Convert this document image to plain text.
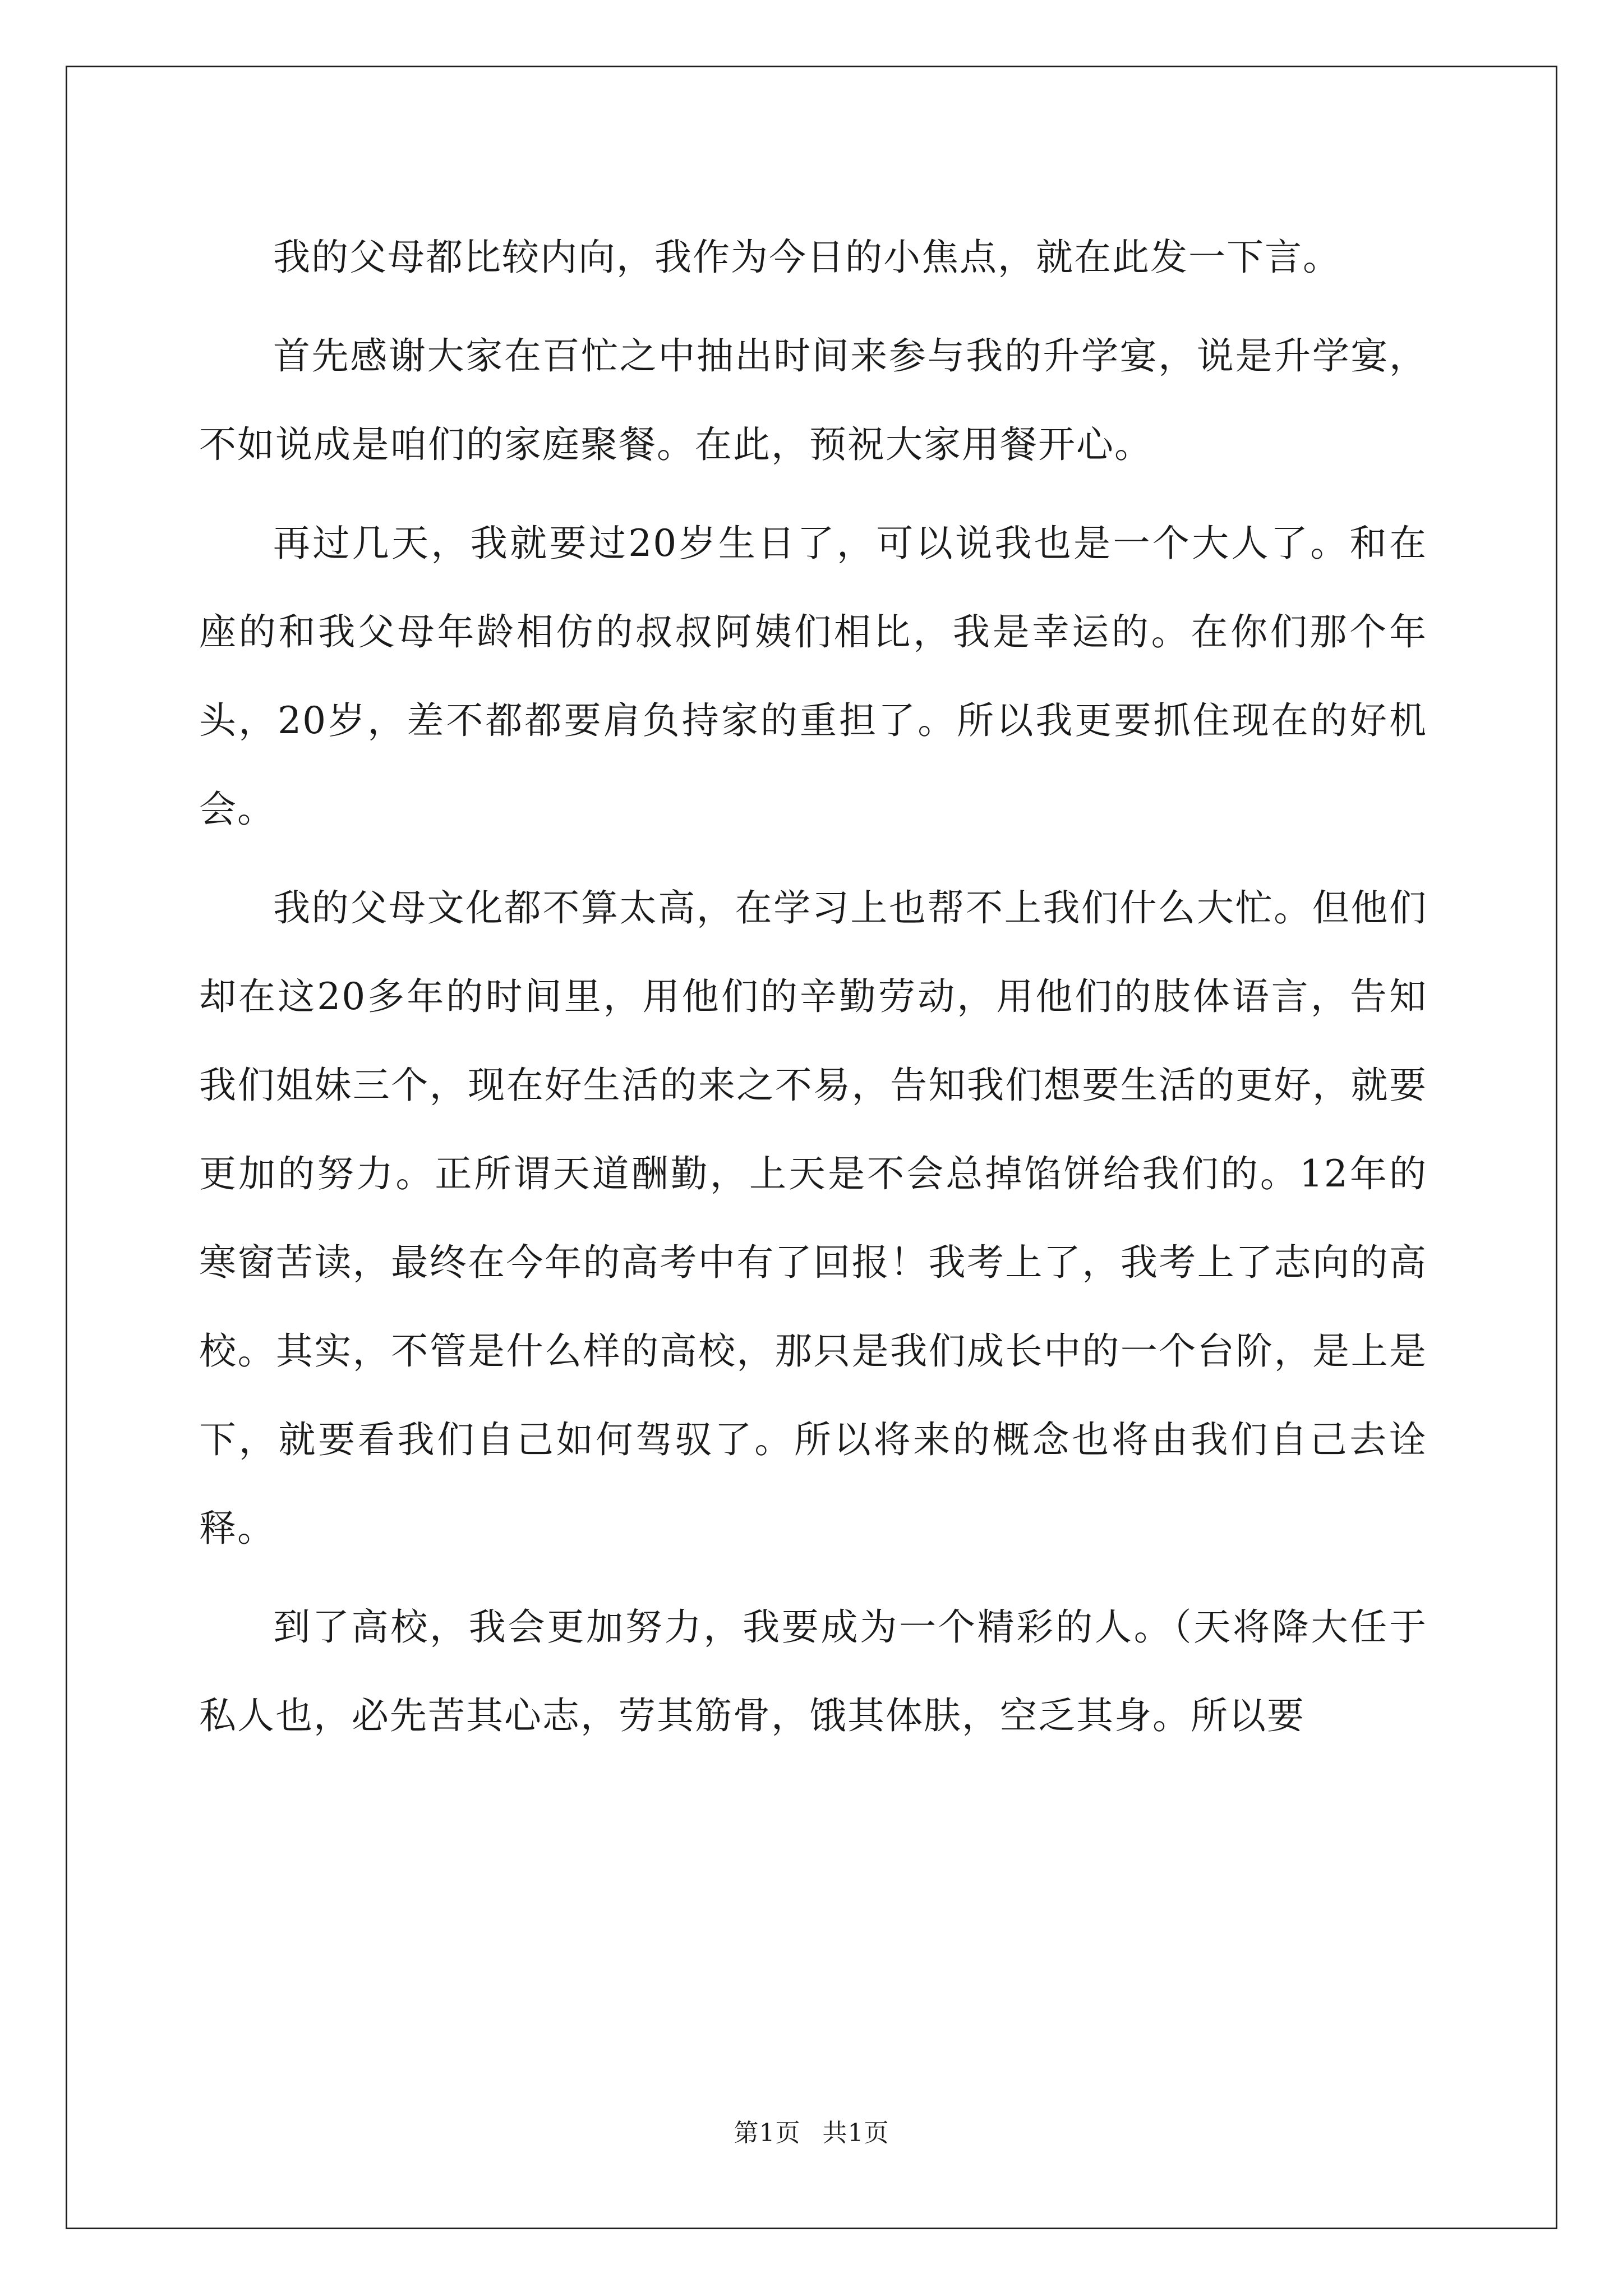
我的父母都比较内向，我作为今日的小焦点，就在此发一下言。

首先感谢大家在百忙之中抽出时间来参与我的升学宴，说是升学宴，不如说成是咱们的家庭聚餐。在此，预祝大家用餐开心。

再过几天，我就要过20岁生日了，可以说我也是一个大人了。和在座的和我父母年龄相仿的叔叔阿姨们相比，我是幸运的。在你们那个年头，20岁，差不都都要肩负持家的重担了。所以我更要抓住现在的好机会。

我的父母文化都不算太高，在学习上也帮不上我们什么大忙。但他们却在这20多年的时间里，用他们的辛勤劳动，用他们的肢体语言，告知我们姐妹三个，现在好生活的来之不易，告知我们想要生活的更好，就要更加的努力。正所谓天道酬勤，上天是不会总掉馅饼给我们的。12年的寒窗苦读，最终在今年的高考中有了回报！我考上了，我考上了志向的高校。其实，不管是什么样的高校，那只是我们成长中的一个台阶，是上是下，就要看我们自己如何驾驭了。所以将来的概念也将由我们自己去诠释。

到了高校，我会更加努力，我要成为一个精彩的人。（天将降大任于私人也，必先苦其心志，劳其筋骨，饿其体肤，空乏其身。所以要

第1页 共1页
